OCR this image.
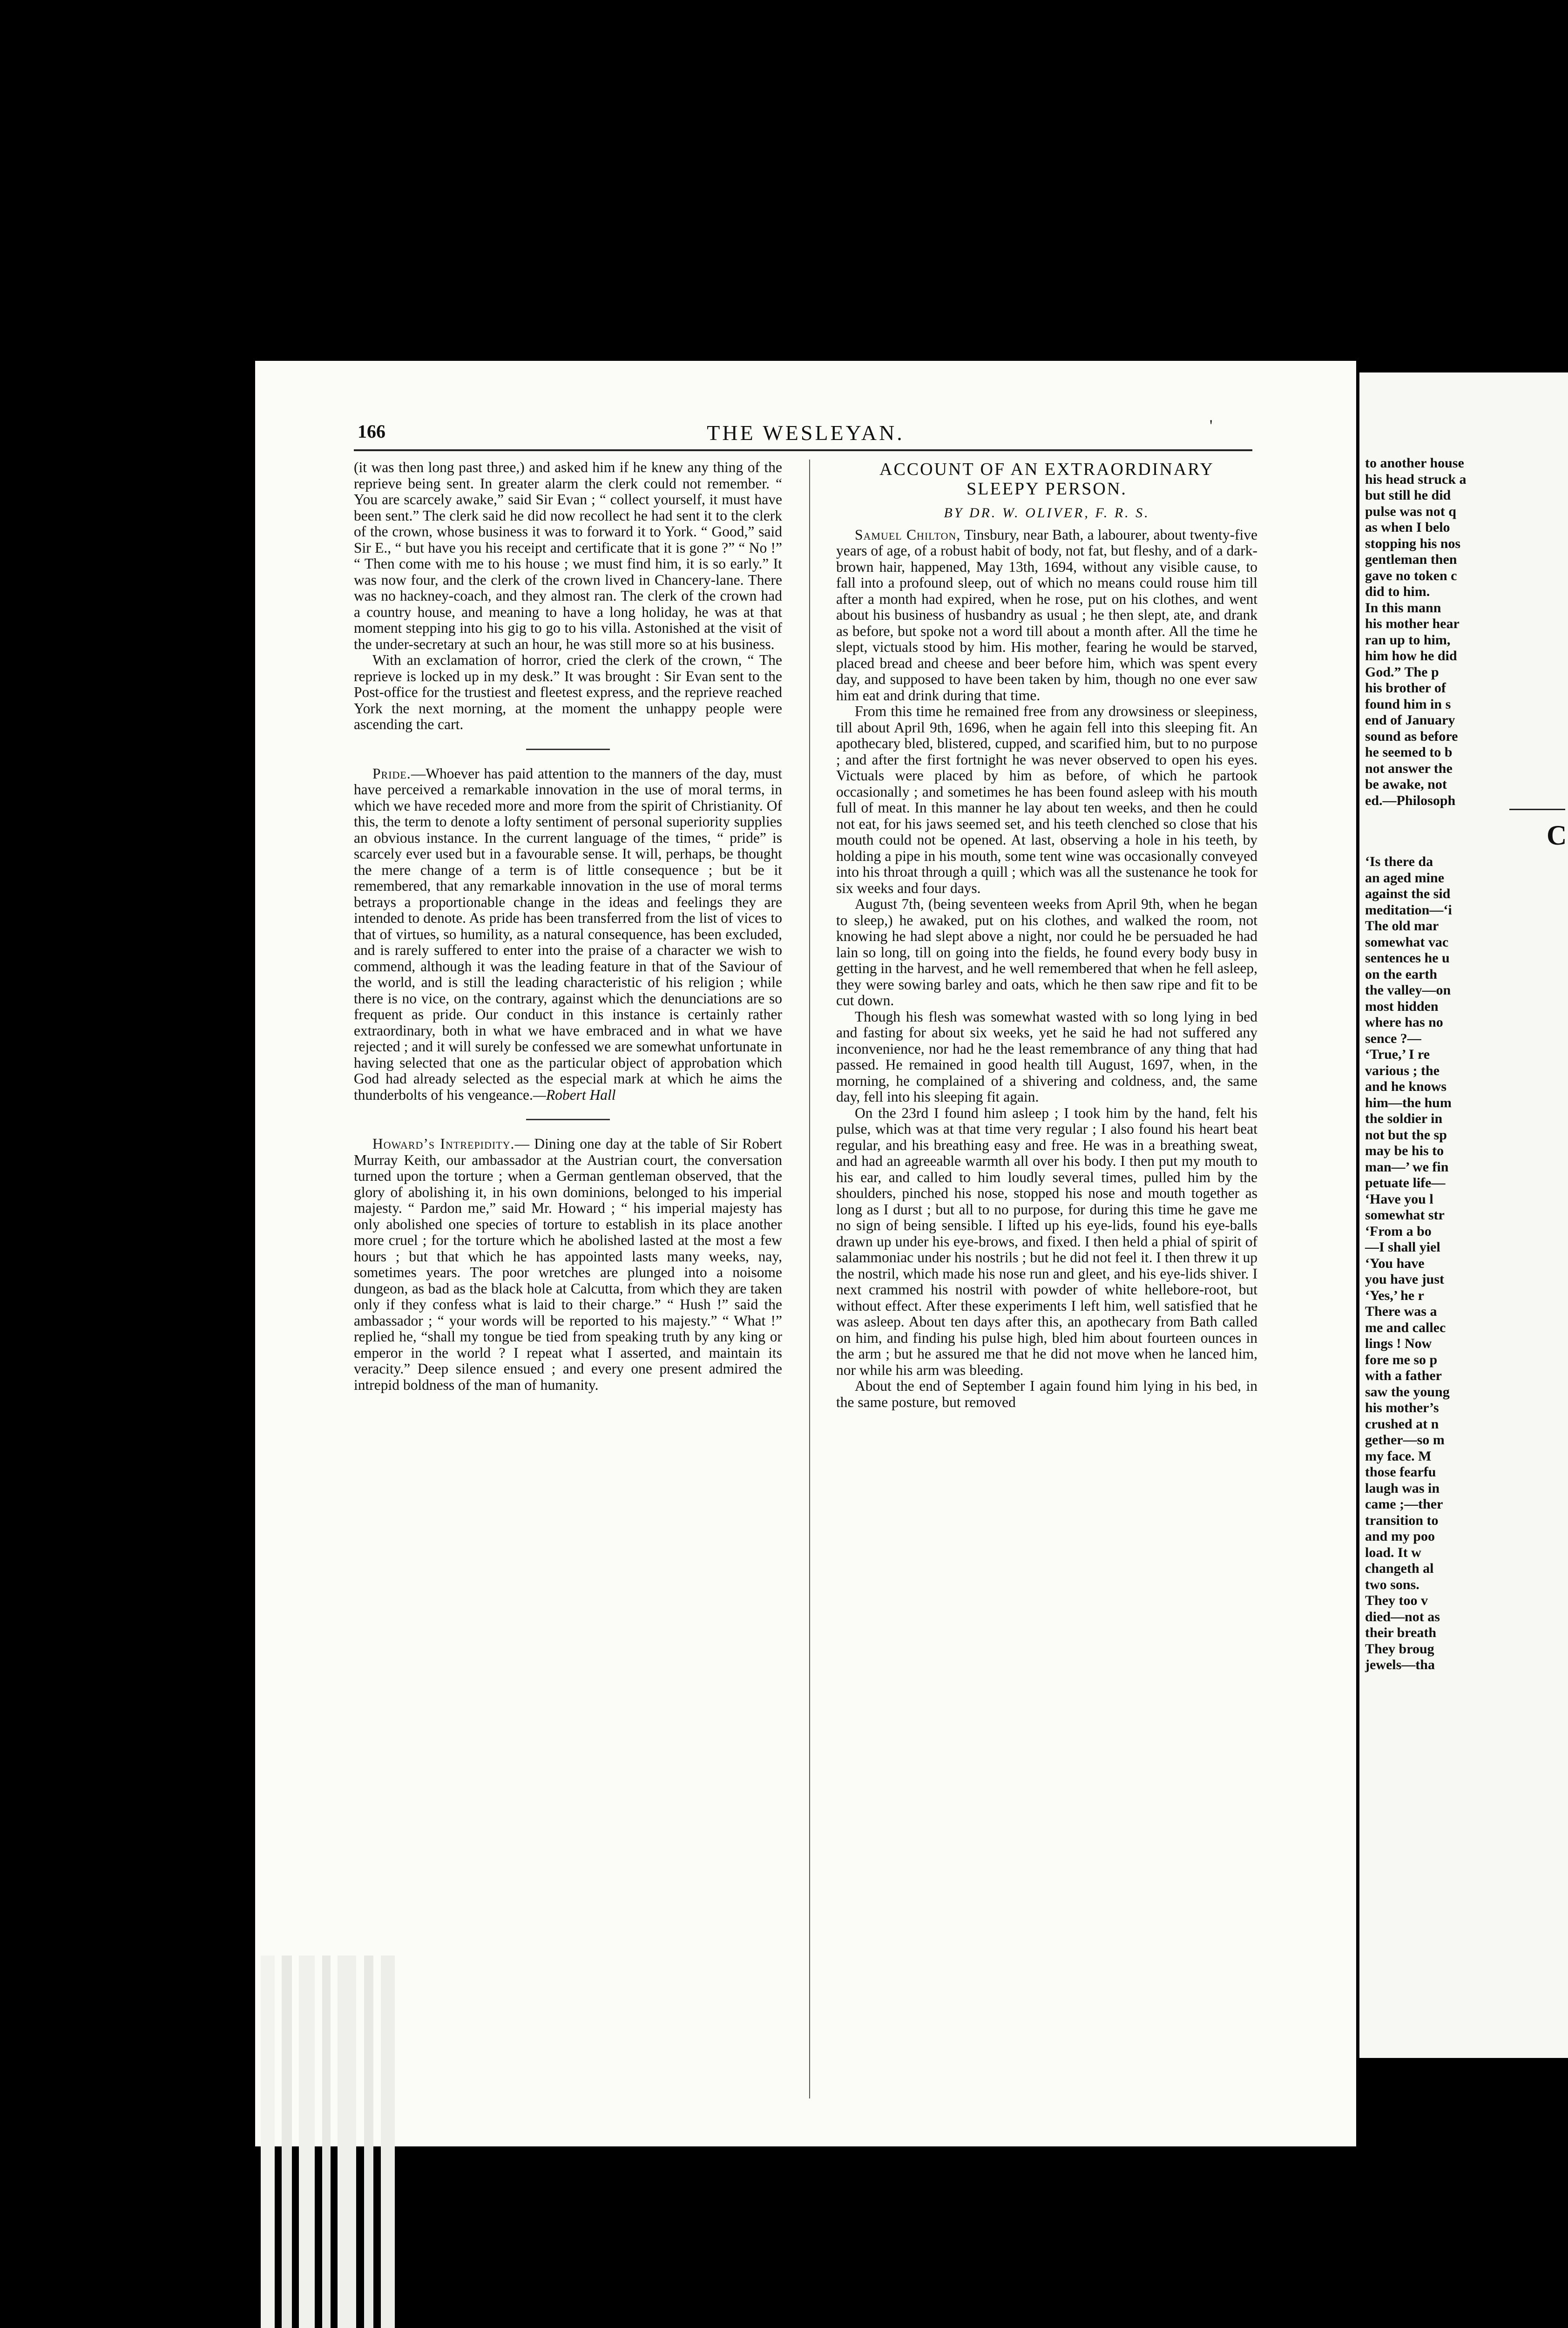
166	THE WESLEYAN.	'

(it was then long past three,) and asked him if he knew any thing of the reprieve being sent. In greater alarm the clerk could not remember. “ You are scarcely awake,” said Sir Evan ; “ collect yourself, it must have been sent.” The clerk said he did now recollect he had sent it to the clerk of the crown, whose business it was to forward it to York. “ Good,” said Sir E., “ but have you his receipt and certificate that it is gone ?” “ No !” “ Then come with me to his house ; we must find him, it is so early.” It was now four, and the clerk of the crown lived in Chancery-lane. There was no hackney-coach, and they almost ran. The clerk of the crown had a country house, and meaning to have a long holiday, he was at that moment stepping into his gig to go to his villa. Astonished at the visit of the under-secretary at such an hour, he was still more so at his business.

With an exclamation of horror, cried the clerk of the crown, “ The reprieve is locked up in my desk.” It was brought : Sir Evan sent to the Post-office for the trustiest and fleetest express, and the reprieve reached York the next morning, at the moment the unhappy people were ascending the cart.

Pride.—Whoever has paid attention to the manners of the day, must have perceived a remarkable innovation in the use of moral terms, in which we have receded more and more from the spirit of Christianity. Of this, the term to denote a lofty sentiment of personal superiority supplies an obvious instance. In the current language of the times, “ pride” is scarcely ever used but in a favourable sense. It will, perhaps, be thought the mere change of a term is of little consequence ; but be it remembered, that any remarkable innovation in the use of moral terms betrays a proportionable change in the ideas and feelings they are intended to denote. As pride has been transferred from the list of vices to that of virtues, so humility, as a natural consequence, has been excluded, and is rarely suffered to enter into the praise of a character we wish to commend, although it was the leading feature in that of the Saviour of the world, and is still the leading characteristic of his religion ; while there is no vice, on the contrary, against which the denunciations are so frequent as pride. Our conduct in this instance is certainly rather extraordinary, both in what we have embraced and in what we have rejected ; and it will surely be confessed we are somewhat unfortunate in having selected that one as the particular object of approbation which God had already selected as the especial mark at which he aims the thunderbolts of his vengeance.—Robert Hall

Howard’s Intrepidity.— Dining one day at the table of Sir Robert Murray Keith, our ambassador at the Austrian court, the conversation turned upon the torture ; when a German gentleman observed, that the glory of abolishing it, in his own dominions, belonged to his imperial majesty. “ Pardon me,” said Mr. Howard ; “ his imperial majesty has only abolished one species of torture to establish in its place another more cruel ; for the torture which he abolished lasted at the most a few hours ; but that which he has appointed lasts many weeks, nay, sometimes years. The poor wretches are plunged into a noisome dungeon, as bad as the black hole at Calcutta, from which they are taken only if they confess what is laid to their charge.” “ Hush !” said the ambassador ; “ your words will be reported to his majesty.” “ What !” replied he, “shall my tongue be tied from speaking truth by any king or emperor in the world ? I repeat what I asserted, and maintain its veracity.” Deep silence ensued ; and every one present admired the intrepid boldness of the man of humanity.

ACCOUNT OF AN EXTRAORDINARY
SLEEPY PERSON.
BY DR. W. OLIVER, F. R. S.

Samuel Chilton, Tinsbury, near Bath, a labourer, about twenty-five years of age, of a robust habit of body, not fat, but fleshy, and of a dark-brown hair, happened, May 13th, 1694, without any visible cause, to fall into a profound sleep, out of which no means could rouse him till after a month had expired, when he rose, put on his clothes, and went about his business of husbandry as usual ; he then slept, ate, and drank as before, but spoke not a word till about a month after. All the time he slept, victuals stood by him. His mother, fearing he would be starved, placed bread and cheese and beer before him, which was spent every day, and supposed to have been taken by him, though no one ever saw him eat and drink during that time.

From this time he remained free from any drowsiness or sleepiness, till about April 9th, 1696, when he again fell into this sleeping fit. An apothecary bled, blistered, cupped, and scarified him, but to no purpose ; and after the first fortnight he was never observed to open his eyes. Victuals were placed by him as before, of which he partook occasionally ; and sometimes he has been found asleep with his mouth full of meat. In this manner he lay about ten weeks, and then he could not eat, for his jaws seemed set, and his teeth clenched so close that his mouth could not be opened. At last, observing a hole in his teeth, by holding a pipe in his mouth, some tent wine was occasionally conveyed into his throat through a quill ; which was all the sustenance he took for six weeks and four days.

August 7th, (being seventeen weeks from April 9th, when he began to sleep,) he awaked, put on his clothes, and walked the room, not knowing he had slept above a night, nor could he be persuaded he had lain so long, till on going into the fields, he found every body busy in getting in the harvest, and he well remembered that when he fell asleep, they were sowing barley and oats, which he then saw ripe and fit to be cut down.

Though his flesh was somewhat wasted with so long lying in bed and fasting for about six weeks, yet he said he had not suffered any inconvenience, nor had he the least remembrance of any thing that had passed. He remained in good health till August, 1697, when, in the morning, he complained of a shivering and coldness, and, the same day, fell into his sleeping fit again.

On the 23rd I found him asleep ; I took him by the hand, felt his pulse, which was at that time very regular ; I also found his heart beat regular, and his breathing easy and free. He was in a breathing sweat, and had an agreeable warmth all over his body. I then put my mouth to his ear, and called to him loudly several times, pulled him by the shoulders, pinched his nose, stopped his nose and mouth together as long as I durst ; but all to no purpose, for during this time he gave me no sign of being sensible. I lifted up his eye-lids, found his eye-balls drawn up under his eye-brows, and fixed. I then held a phial of spirit of salammoniac under his nostrils ; but he did not feel it. I then threw it up the nostril, which made his nose run and gleet, and his eye-lids shiver. I next crammed his nostril with powder of white hellebore-root, but without effect. After these experiments I left him, well satisfied that he was asleep. About ten days after this, an apothecary from Bath called on him, and finding his pulse high, bled him about fourteen ounces in the arm ; but he assured me that he did not move when he lanced him, nor while his arm was bleeding.

About the end of September I again found him lying in his bed, in the same posture, but removed

to another house
his head struck a
but still he did
pulse was not q
as when I belo
stopping his nos
gentleman then
gave no token c
did to him.
In this mann
his mother hear
ran up to him,
him how he did
God.” The p
his brother of
found him in s
end of January
sound as before
he seemed to b
not answer the
be awake, not
ed.—Philosoph
C
‘Is there da
an aged mine
against the sid
meditation—‘i
The old mar
somewhat vac
sentences he u
on the earth
the valley—on
most hidden
where has no
sence ?—
‘True,’ I re
various ; the
and he knows
him—the hum
the soldier in
not but the sp
may be his to
man—’ we fin
petuate life—
‘Have you l
somewhat str
‘From a bo
—I shall yiel
‘You have
you have just
‘Yes,’ he r
There was a
me and callec
lings ! Now
fore me so p
with a father
saw the young
his mother’s
crushed at n
gether—so m
my face. M
those fearfu
laugh was in
came ;—ther
transition to
and my poo
load. It w
changeth al
two sons.
They too v
died—not as
their breath
They broug
jewels—tha
